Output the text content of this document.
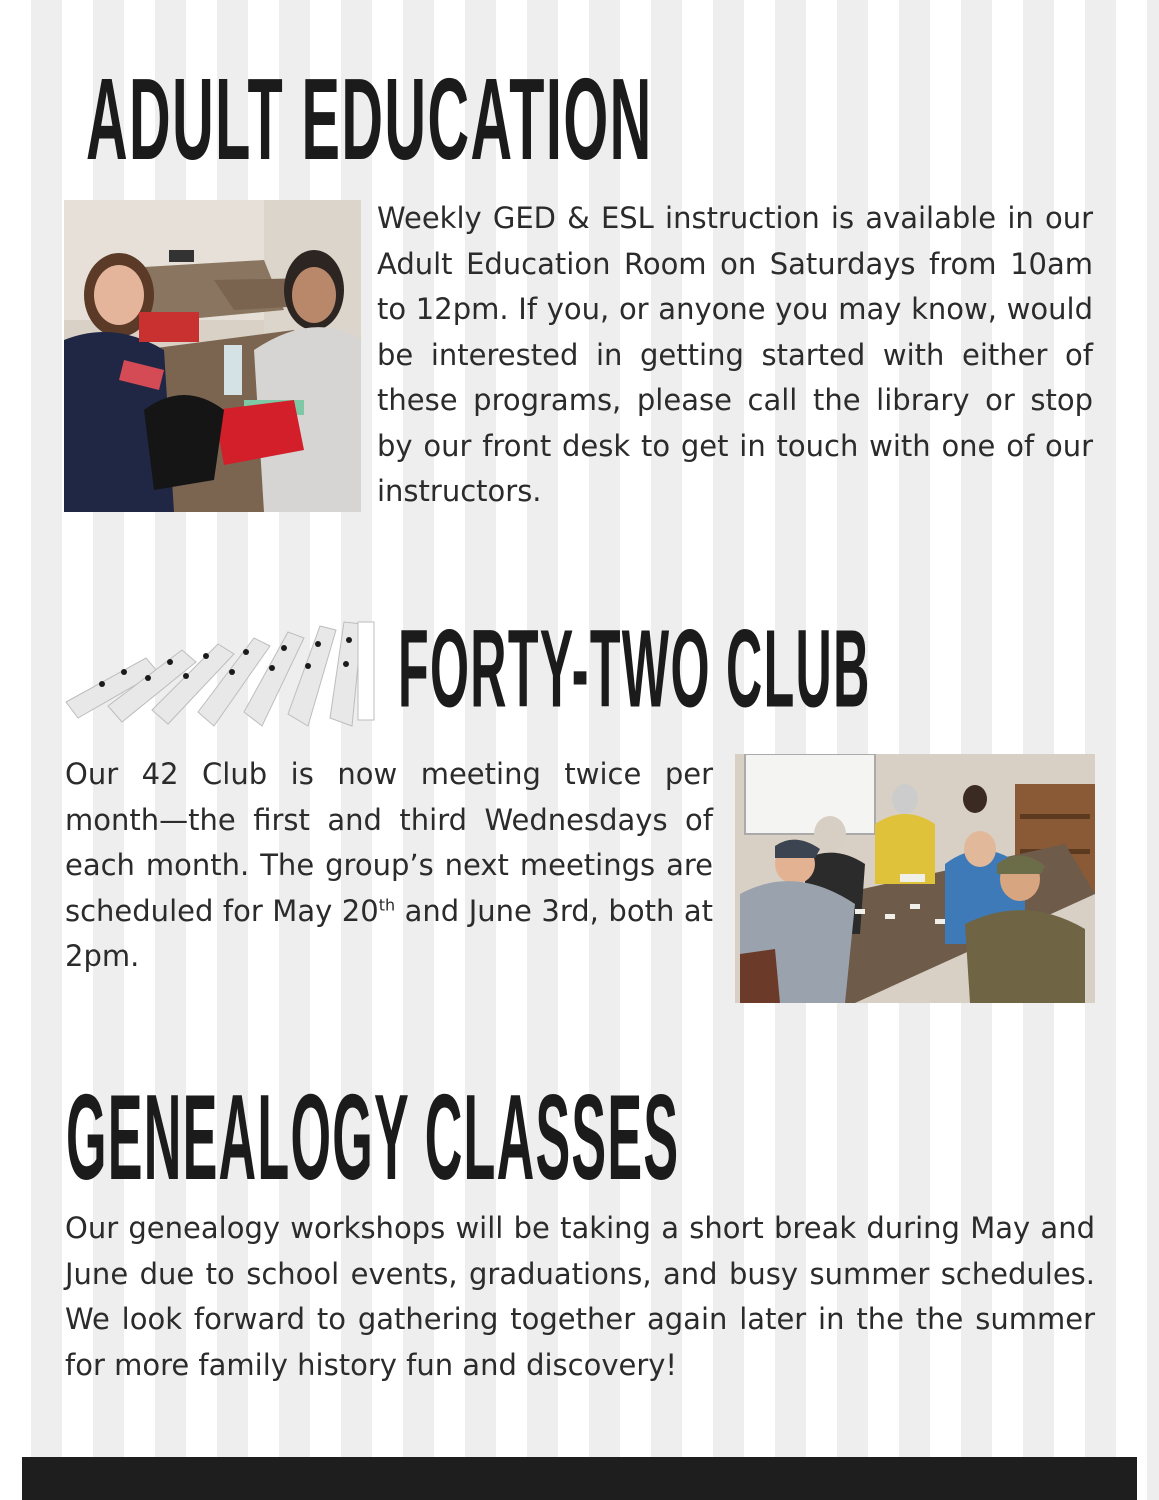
ADULT EDUCATION

Weekly GED & ESL instruction is available in our Adult Education Room on Saturdays from 10am to 12pm. If you, or anyone you may know, would be interested in getting started with either of these programs, please call the library or stop by our front desk to get in touch with one of our instructors.

FORTY-TWO CLUB

Our 42 Club is now meeting twice per month—the first and third Wednesdays of each month. The group’s next meetings are scheduled for May 20th and June 3rd, both at 2pm.

GENEALOGY CLASSES

Our genealogy workshops will be taking a short break during May and June due to school events, graduations, and busy summer schedules. We look forward to gathering together again later in the the summer for more family history fun and discovery!
